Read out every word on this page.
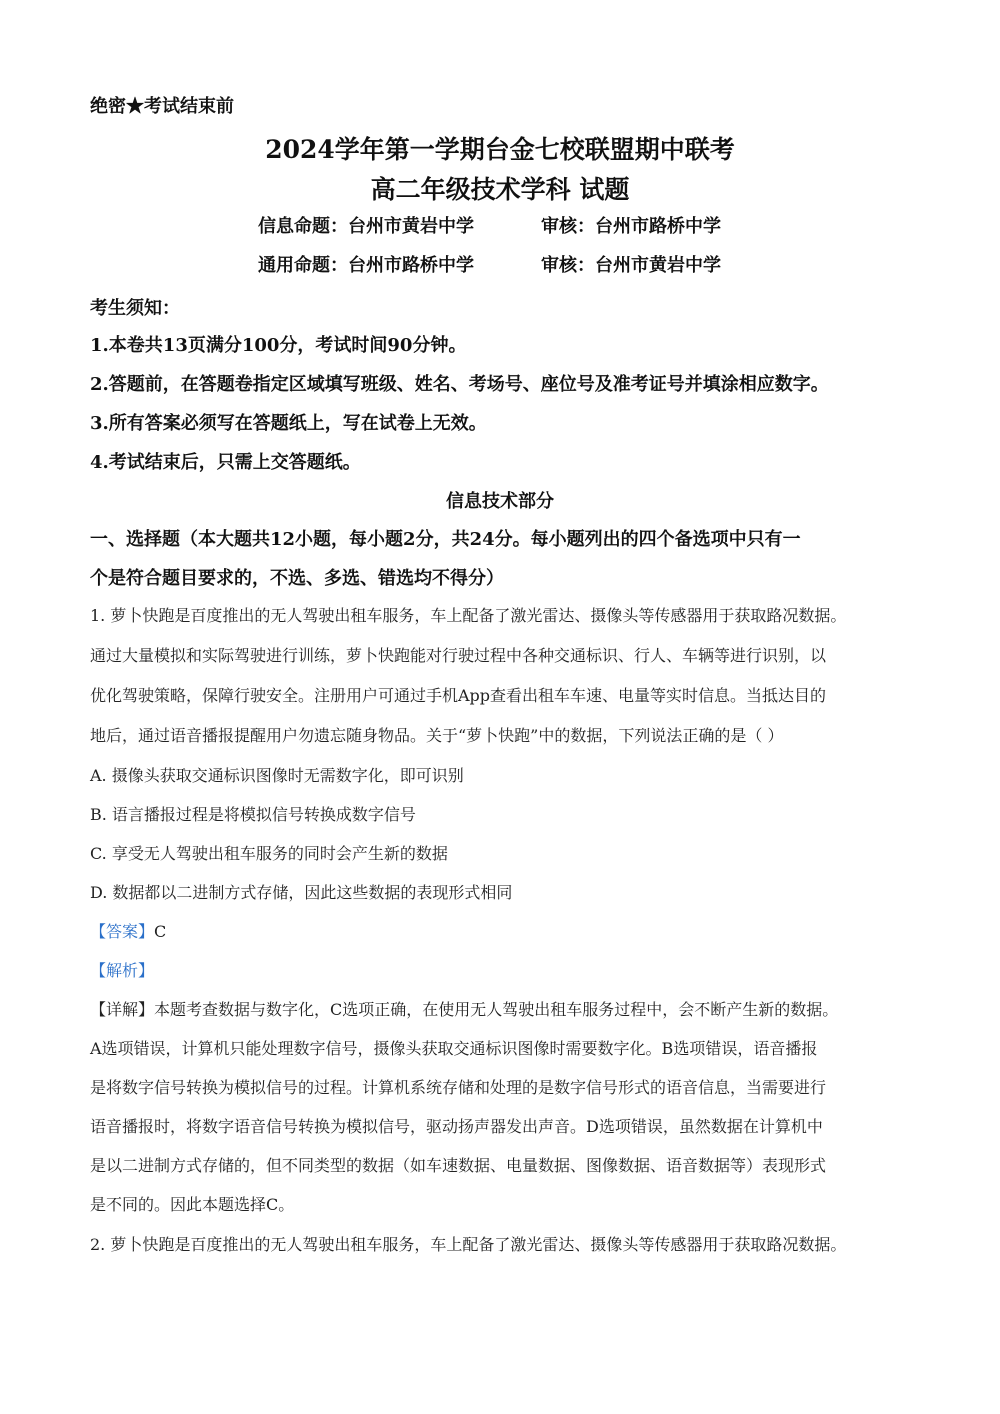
绝密★考试结束前
2024学年第一学期台金七校联盟期中联考
高二年级技术学科 试题
信息命题：台州市黄岩中学	审核：台州市路桥中学
通用命题：台州市路桥中学	审核：台州市黄岩中学
考生须知：
1.本卷共13页满分100分，考试时间90分钟。
2.答题前，在答题卷指定区域填写班级、姓名、考场号、座位号及准考证号并填涂相应数字。
3.所有答案必须写在答题纸上，写在试卷上无效。
4.考试结束后，只需上交答题纸。
信息技术部分
一、选择题（本大题共12小题，每小题2分，共24分。每小题列出的四个备选项中只有一
个是符合题目要求的，不选、多选、错选均不得分）
1. 萝卜快跑是百度推出的无人驾驶出租车服务，车上配备了激光雷达、摄像头等传感器用于获取路况数据。
通过大量模拟和实际驾驶进行训练，萝卜快跑能对行驶过程中各种交通标识、行人、车辆等进行识别，以
优化驾驶策略，保障行驶安全。注册用户可通过手机App查看出租车车速、电量等实时信息。当抵达目的
地后，通过语音播报提醒用户勿遗忘随身物品。关于“萝卜快跑”中的数据，下列说法正确的是（ ）
A. 摄像头获取交通标识图像时无需数字化，即可识别
B. 语言播报过程是将模拟信号转换成数字信号
C. 享受无人驾驶出租车服务的同时会产生新的数据
D. 数据都以二进制方式存储，因此这些数据的表现形式相同
【答案】C
【解析】
【详解】本题考查数据与数字化，C选项正确，在使用无人驾驶出租车服务过程中，会不断产生新的数据。
A选项错误，计算机只能处理数字信号，摄像头获取交通标识图像时需要数字化。B选项错误，语音播报
是将数字信号转换为模拟信号的过程。计算机系统存储和处理的是数字信号形式的语音信息，当需要进行
语音播报时，将数字语音信号转换为模拟信号，驱动扬声器发出声音。D选项错误，虽然数据在计算机中
是以二进制方式存储的，但不同类型的数据（如车速数据、电量数据、图像数据、语音数据等）表现形式
是不同的。因此本题选择C。
2. 萝卜快跑是百度推出的无人驾驶出租车服务，车上配备了激光雷达、摄像头等传感器用于获取路况数据。
